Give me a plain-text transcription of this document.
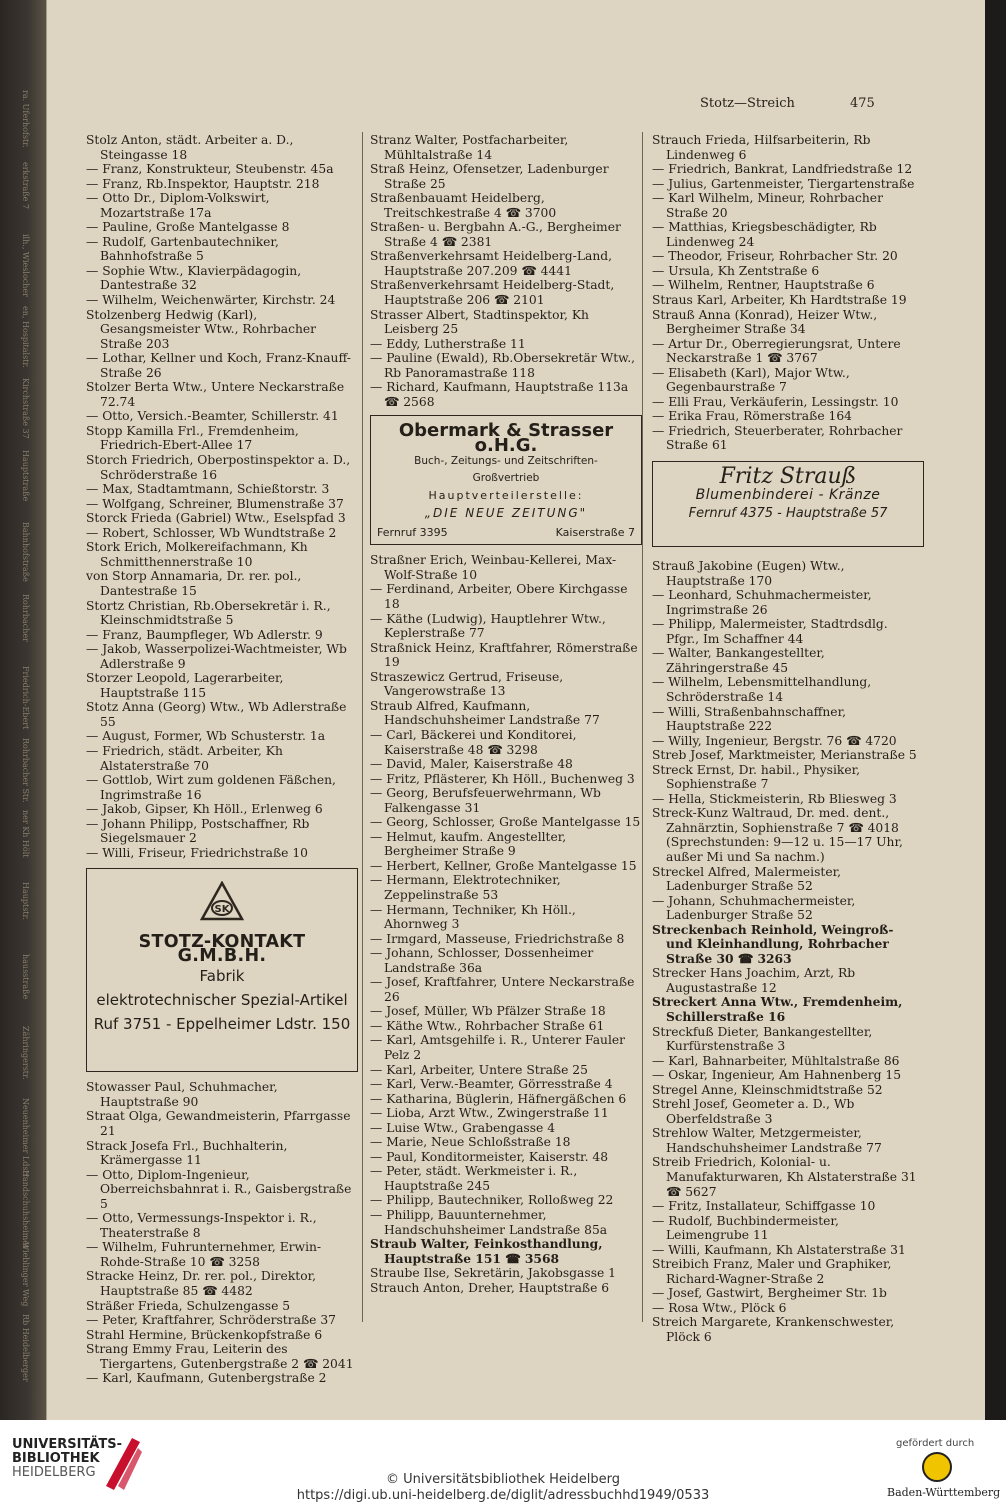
ra. Uferhofstr.
erkstraße 7
ilh., Wieslocher
en, Hospitalstr.
Kirchstraße 37
Hauptstraße
Bahnhofstraße
Rohrbacher
Friedrich-Ebert
Rohrbacher Str.
ner Kh Hölt
Hauptstr.
hausstraße
Zähringerstr.
Neuenheimer Ldstr
Handschuhsheimer
Wieblinger Weg
Rb Heidelberger
Stotz—Streich	475

Stolz Anton, städt. Arbeiter a. D., Steingasse 18

— Franz, Konstrukteur, Steubenstr. 45a

— Franz, Rb.Inspektor, Hauptstr. 218

— Otto Dr., Diplom-Volkswirt, Mozartstraße 17a

— Pauline, Große Mantelgasse 8

— Rudolf, Gartenbautechniker, Bahnhofstraße 5

— Sophie Wtw., Klavierpädagogin, Dantestraße 32

— Wilhelm, Weichenwärter, Kirchstr. 24

Stolzenberg Hedwig (Karl), Gesangsmeister Wtw., Rohrbacher Straße 203

— Lothar, Kellner und Koch, Franz-Knauff-Straße 26

Stolzer Berta Wtw., Untere Neckarstraße 72.74

— Otto, Versich.-Beamter, Schillerstr. 41

Stopp Kamilla Frl., Fremdenheim, Friedrich-Ebert-Allee 17

Storch Friedrich, Oberpostinspektor a. D., Schröderstraße 16

— Max, Stadtamtmann, Schießtorstr. 3

— Wolfgang, Schreiner, Blumenstraße 37

Storck Frieda (Gabriel) Wtw., Eselspfad 3

— Robert, Schlosser, Wb Wundtstraße 2

Stork Erich, Molkereifachmann, Kh Schmitthennerstraße 10

von Storp Annamaria, Dr. rer. pol., Dantestraße 15

Stortz Christian, Rb.Obersekretär i. R., Kleinschmidtstraße 5

— Franz, Baumpfleger, Wb Adlerstr. 9

— Jakob, Wasserpolizei-Wachtmeister, Wb Adlerstraße 9

Storzer Leopold, Lagerarbeiter, Hauptstraße 115

Stotz Anna (Georg) Wtw., Wb Adlerstraße 55

— August, Former, Wb Schusterstr. 1a

— Friedrich, städt. Arbeiter, Kh Alstaterstraße 70

— Gottlob, Wirt zum goldenen Fäßchen, Ingrimstraße 16

— Jakob, Gipser, Kh Höll., Erlenweg 6

— Johann Philipp, Postschaffner, Rb Siegelsmauer 2

— Willi, Friseur, Friedrichstraße 10

SK
STOTZ-KONTAKT G.M.B.H.
Fabrik
elektrotechnischer Spezial-Artikel
Ruf 3751 - Eppelheimer Ldstr. 150

Stowasser Paul, Schuhmacher, Hauptstraße 90

Straat Olga, Gewandmeisterin, Pfarrgasse 21

Strack Josefa Frl., Buchhalterin, Krämergasse 11

— Otto, Diplom-Ingenieur, Oberreichsbahnrat i. R., Gaisbergstraße 5

— Otto, Vermessungs-Inspektor i. R., Theaterstraße 8

— Wilhelm, Fuhrunternehmer, Erwin-Rohde-Straße 10 ☎ 3258

Stracke Heinz, Dr. rer. pol., Direktor, Hauptstraße 85 ☎ 4482

Sträßer Frieda, Schulzengasse 5

— Peter, Kraftfahrer, Schröderstraße 37

Strahl Hermine, Brückenkopfstraße 6

Strang Emmy Frau, Leiterin des Tiergartens, Gutenbergstraße 2 ☎ 2041

— Karl, Kaufmann, Gutenbergstraße 2

Stranz Walter, Postfacharbeiter, Mühltalstraße 14

Straß Heinz, Ofensetzer, Ladenburger Straße 25

Straßenbauamt Heidelberg, Treitschkestraße 4 ☎ 3700

Straßen- u. Bergbahn A.-G., Bergheimer Straße 4 ☎ 2381

Straßenverkehrsamt Heidelberg-Land, Hauptstraße 207.209 ☎ 4441

Straßenverkehrsamt Heidelberg-Stadt, Hauptstraße 206 ☎ 2101

Strasser Albert, Stadtinspektor, Kh Leisberg 25

— Eddy, Lutherstraße 11

— Pauline (Ewald), Rb.Obersekretär Wtw., Rb Panoramastraße 118

— Richard, Kaufmann, Hauptstraße 113a ☎ 2568

Obermark & Strasser o.H.G.
Buch-, Zeitungs- und Zeitschriften-
Großvertrieb
Hauptverteilerstelle:
„DIE NEUE ZEITUNG"
Fernruf 3395	Kaiserstraße 7

Straßner Erich, Weinbau-Kellerei, Max-Wolf-Straße 10

— Ferdinand, Arbeiter, Obere Kirchgasse 18

— Käthe (Ludwig), Hauptlehrer Wtw., Keplerstraße 77

Straßnick Heinz, Kraftfahrer, Römerstraße 19

Straszewicz Gertrud, Friseuse, Vangerowstraße 13

Straub Alfred, Kaufmann, Handschuhsheimer Landstraße 77

— Carl, Bäckerei und Konditorei, Kaiserstraße 48 ☎ 3298

— David, Maler, Kaiserstraße 48

— Fritz, Pflästerer, Kh Höll., Buchenweg 3

— Georg, Berufsfeuerwehrmann, Wb Falkengasse 31

— Georg, Schlosser, Große Mantelgasse 15

— Helmut, kaufm. Angestellter, Bergheimer Straße 9

— Herbert, Kellner, Große Mantelgasse 15

— Hermann, Elektrotechniker, Zeppelinstraße 53

— Hermann, Techniker, Kh Höll., Ahornweg 3

— Irmgard, Masseuse, Friedrichstraße 8

— Johann, Schlosser, Dossenheimer Landstraße 36a

— Josef, Kraftfahrer, Untere Neckarstraße 26

— Josef, Müller, Wb Pfälzer Straße 18

— Käthe Wtw., Rohrbacher Straße 61

— Karl, Amtsgehilfe i. R., Unterer Fauler Pelz 2

— Karl, Arbeiter, Untere Straße 25

— Karl, Verw.-Beamter, Görresstraße 4

— Katharina, Büglerin, Häfnergäßchen 6

— Lioba, Arzt Wtw., Zwingerstraße 11

— Luise Wtw., Grabengasse 4

— Marie, Neue Schloßstraße 18

— Paul, Konditormeister, Kaiserstr. 48

— Peter, städt. Werkmeister i. R., Hauptstraße 245

— Philipp, Bautechniker, Rolloßweg 22

— Philipp, Bauunternehmer, Handschuhsheimer Landstraße 85a

Straub Walter, Feinkosthandlung, Hauptstraße 151 ☎ 3568

Straube Ilse, Sekretärin, Jakobsgasse 1

Strauch Anton, Dreher, Hauptstraße 6

Strauch Frieda, Hilfsarbeiterin, Rb Lindenweg 6

— Friedrich, Bankrat, Landfriedstraße 12

— Julius, Gartenmeister, Tiergartenstraße

— Karl Wilhelm, Mineur, Rohrbacher Straße 20

— Matthias, Kriegsbeschädigter, Rb Lindenweg 24

— Theodor, Friseur, Rohrbacher Str. 20

— Ursula, Kh Zentstraße 6

— Wilhelm, Rentner, Hauptstraße 6

Straus Karl, Arbeiter, Kh Hardtstraße 19

Strauß Anna (Konrad), Heizer Wtw., Bergheimer Straße 34

— Artur Dr., Oberregierungsrat, Untere Neckarstraße 1 ☎ 3767

— Elisabeth (Karl), Major Wtw., Gegenbaurstraße 7

— Elli Frau, Verkäuferin, Lessingstr. 10

— Erika Frau, Römerstraße 164

— Friedrich, Steuerberater, Rohrbacher Straße 61

Fritz Strauß
Blumenbinderei - Kränze
Fernruf 4375 - Hauptstraße 57

Strauß Jakobine (Eugen) Wtw., Hauptstraße 170

— Leonhard, Schuhmachermeister, Ingrimstraße 26

— Philipp, Malermeister, Stadtrdsdlg. Pfgr., Im Schaffner 44

— Walter, Bankangestellter, Zähringerstraße 45

— Wilhelm, Lebensmittelhandlung, Schröderstraße 14

— Willi, Straßenbahnschaffner, Hauptstraße 222

— Willy, Ingenieur, Bergstr. 76 ☎ 4720

Streb Josef, Marktmeister, Merianstraße 5

Streck Ernst, Dr. habil., Physiker, Sophienstraße 7

— Hella, Stickmeisterin, Rb Bliesweg 3

Streck-Kunz Waltraud, Dr. med. dent., Zahnärztin, Sophienstraße 7 ☎ 4018 (Sprechstunden: 9—12 u. 15—17 Uhr, außer Mi und Sa nachm.)

Streckel Alfred, Malermeister, Ladenburger Straße 52

— Johann, Schuhmachermeister, Ladenburger Straße 52

Streckenbach Reinhold, Weingroß- und Kleinhandlung, Rohrbacher Straße 30 ☎ 3263

Strecker Hans Joachim, Arzt, Rb Augustastraße 12

Streckert Anna Wtw., Fremdenheim, Schillerstraße 16

Streckfuß Dieter, Bankangestellter, Kurfürstenstraße 3

— Karl, Bahnarbeiter, Mühltalstraße 86

— Oskar, Ingenieur, Am Hahnenberg 15

Stregel Anne, Kleinschmidtstraße 52

Strehl Josef, Geometer a. D., Wb Oberfeldstraße 3

Strehlow Walter, Metzgermeister, Handschuhsheimer Landstraße 77

Streib Friedrich, Kolonial- u. Manufakturwaren, Kh Alstaterstraße 31 ☎ 5627

— Fritz, Installateur, Schiffgasse 10

— Rudolf, Buchbindermeister, Leimengrube 11

— Willi, Kaufmann, Kh Alstaterstraße 31

Streibich Franz, Maler und Graphiker, Richard-Wagner-Straße 2

— Josef, Gastwirt, Bergheimer Str. 1b

— Rosa Wtw., Plöck 6

Streich Margarete, Krankenschwester, Plöck 6

UNIVERSITÄTS-
BIBLIOTHEK
HEIDELBERG	© Universitätsbibliothek Heidelberg
https://digi.ub.uni-heidelberg.de/diglit/adressbuchhd1949/0533
gefördert durch
Baden-Württemberg
